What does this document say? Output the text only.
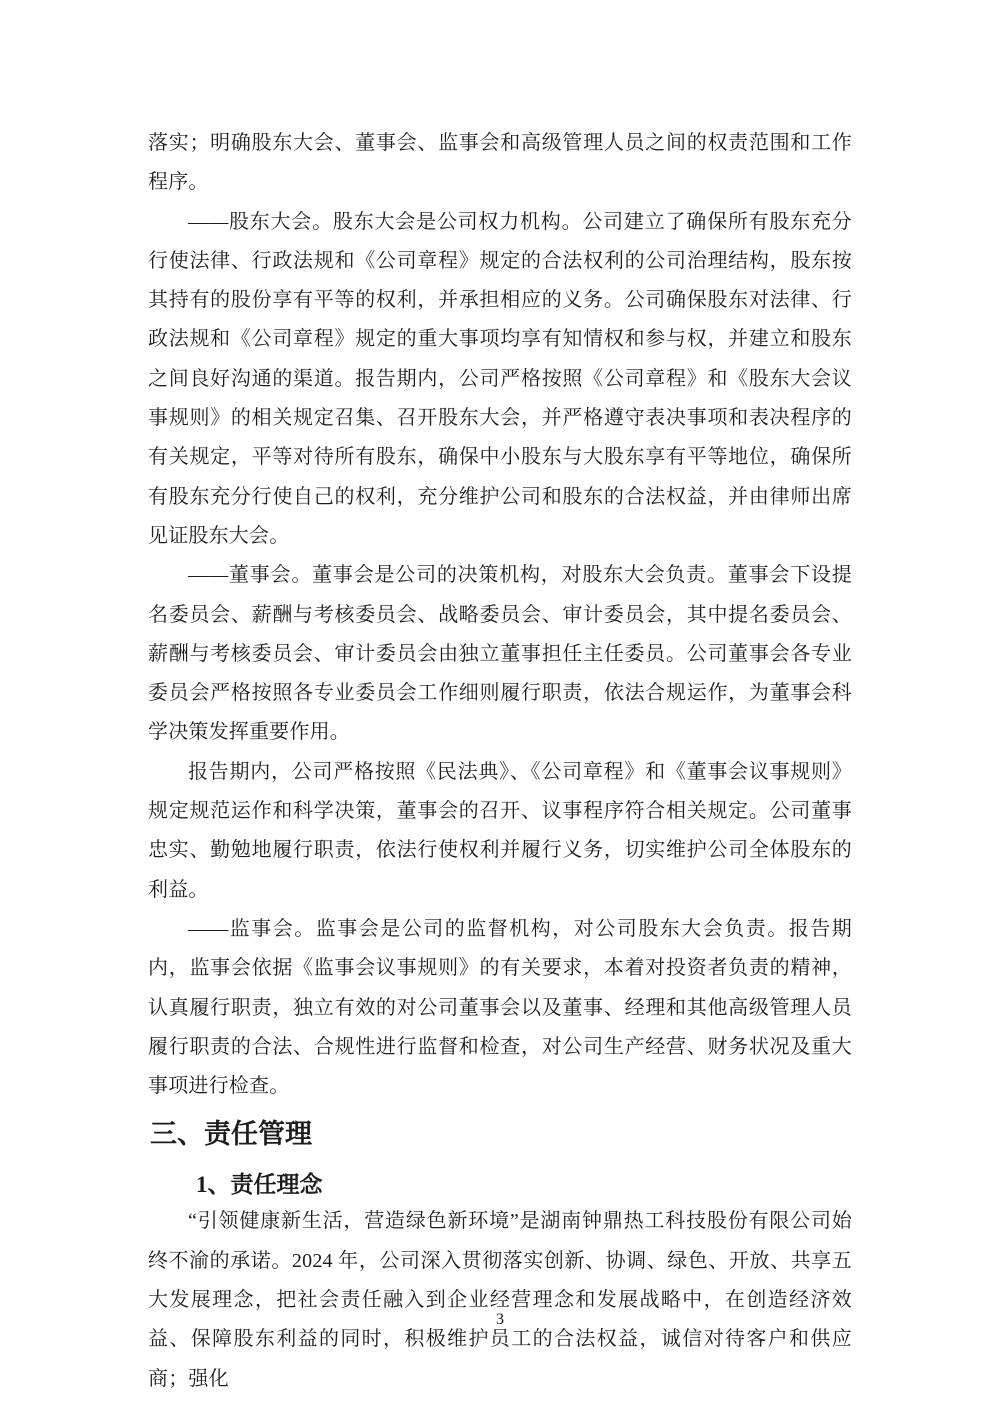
落实；明确股东大会、董事会、监事会和高级管理人员之间的权责范围和工作程序。

——股东大会。股东大会是公司权力机构。公司建立了确保所有股东充分行使法律、行政法规和《公司章程》规定的合法权利的公司治理结构，股东按其持有的股份享有平等的权利，并承担相应的义务。公司确保股东对法律、行政法规和《公司章程》规定的重大事项均享有知情权和参与权，并建立和股东之间良好沟通的渠道。报告期内，公司严格按照《公司章程》和《股东大会议事规则》的相关规定召集、召开股东大会，并严格遵守表决事项和表决程序的有关规定，平等对待所有股东，确保中小股东与大股东享有平等地位，确保所有股东充分行使自己的权利，充分维护公司和股东的合法权益，并由律师出席见证股东大会。

——董事会。董事会是公司的决策机构，对股东大会负责。董事会下设提名委员会、薪酬与考核委员会、战略委员会、审计委员会，其中提名委员会、薪酬与考核委员会、审计委员会由独立董事担任主任委员。公司董事会各专业委员会严格按照各专业委员会工作细则履行职责，依法合规运作，为董事会科学决策发挥重要作用。

报告期内，公司严格按照《民法典》、《公司章程》和《董事会议事规则》规定规范运作和科学决策，董事会的召开、议事程序符合相关规定。公司董事忠实、勤勉地履行职责，依法行使权利并履行义务，切实维护公司全体股东的利益。

——监事会。监事会是公司的监督机构，对公司股东大会负责。报告期内，监事会依据《监事会议事规则》的有关要求，本着对投资者负责的精神，认真履行职责，独立有效的对公司董事会以及董事、经理和其他高级管理人员履行职责的合法、合规性进行监督和检查，对公司生产经营、财务状况及重大事项进行检查。

三、责任管理
1、责任理念

“引领健康新生活，营造绿色新环境”是湖南钟鼎热工科技股份有限公司始终不渝的承诺。2024 年，公司深入贯彻落实创新、协调、绿色、开放、共享五大发展理念，把社会责任融入到企业经营理念和发展战略中，在创造经济效益、保障股东利益的同时，积极维护员工的合法权益，诚信对待客户和供应商；强化

3
